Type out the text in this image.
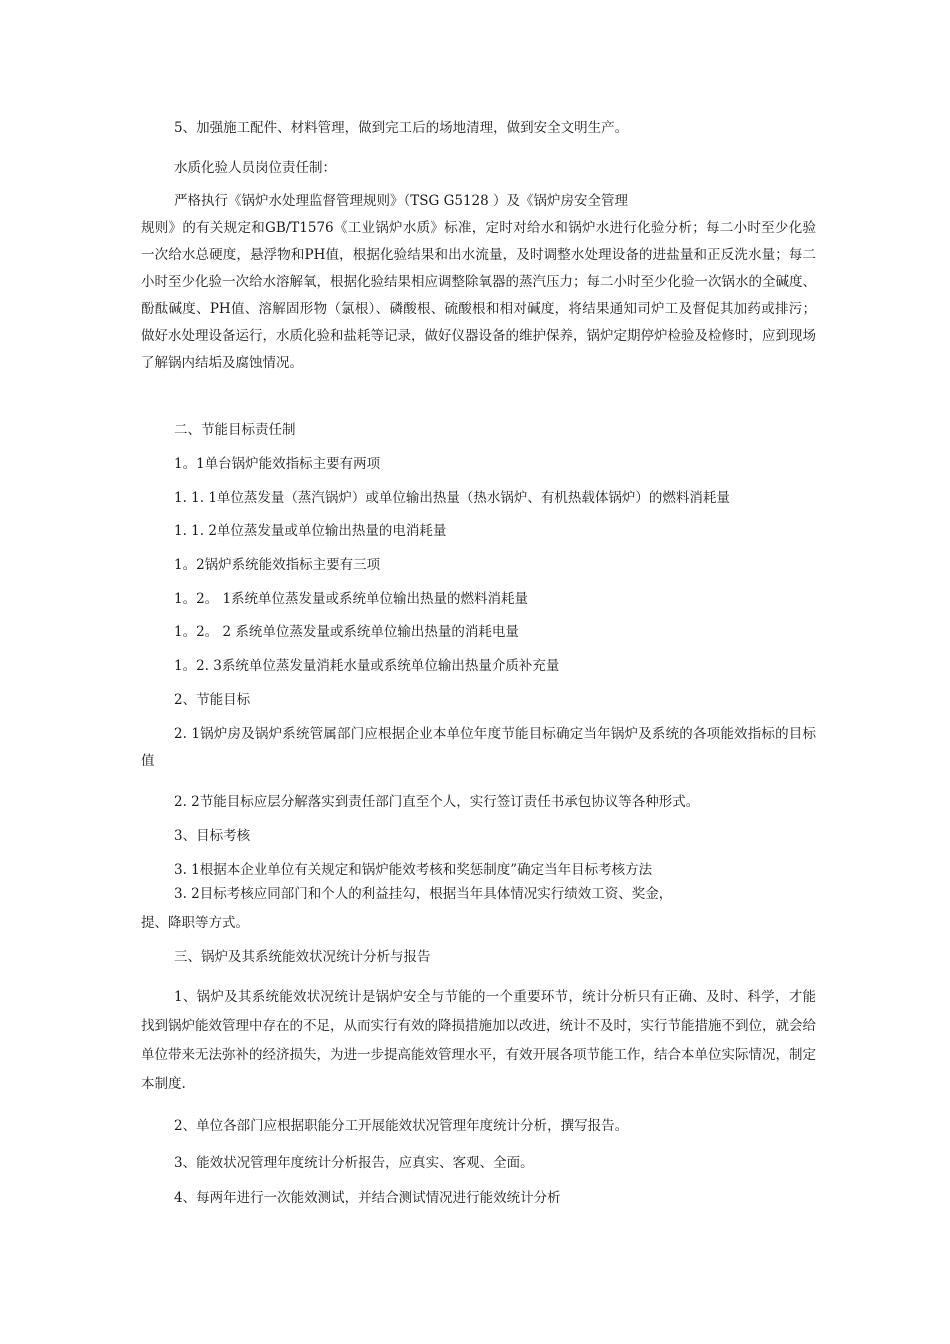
5、加强施工配件、材料管理，做到完工后的场地清理，做到安全文明生产。
水质化验人员岗位责任制：
严格执行《锅炉水处理监督管理规则》（TSG G5128 ）及《锅炉房安全管理
规则》的有关规定和GB/T1576《工业锅炉水质》标准，定时对给水和锅炉水进行化验分析；每二小时至少化验一次给水总硬度，悬浮物和PH值，根据化验结果和出水流量，及时调整水处理设备的进盐量和正反洗水量；每二小时至少化验一次给水溶解氧，根据化验结果相应调整除氧器的蒸汽压力；每二小时至少化验一次锅水的全碱度、酚酞碱度、PH值、溶解固形物（氯根）、磷酸根、硫酸根和相对碱度，将结果通知司炉工及督促其加药或排污；做好水处理设备运行，水质化验和盐耗等记录，做好仪器设备的维护保养，锅炉定期停炉检验及检修时，应到现场了解锅内结垢及腐蚀情况。
二、节能目标责任制
1。1单台锅炉能效指标主要有两项
1. 1. 1单位蒸发量（蒸汽锅炉）或单位输出热量（热水锅炉、有机热载体锅炉）的燃料消耗量
1. 1. 2单位蒸发量或单位输出热量的电消耗量
1。2锅炉系统能效指标主要有三项
1。2。 1系统单位蒸发量或系统单位输出热量的燃料消耗量
1。2。 2 系统单位蒸发量或系统单位输出热量的消耗电量
1。2. 3系统单位蒸发量消耗水量或系统单位输出热量介质补充量
2、节能目标
2. 1锅炉房及锅炉系统管属部门应根据企业本单位年度节能目标确定当年锅炉及系统的各项能效指标的目标值
2. 2节能目标应层分解落实到责任部门直至个人，实行签订责任书承包协议等各种形式。
3、目标考核
3. 1根据本企业单位有关规定和锅炉能效考核和奖惩制度”确定当年目标考核方法
3. 2目标考核应同部门和个人的利益挂勾，根据当年具体情况实行绩效工资、奖金，
提、降职等方式。
三、锅炉及其系统能效状况统计分析与报告
1、锅炉及其系统能效状况统计是锅炉安全与节能的一个重要环节，统计分析只有正确、及时、科学，才能找到锅炉能效管理中存在的不足，从而实行有效的降损措施加以改进，统计不及时，实行节能措施不到位，就会给单位带来无法弥补的经济损失，为进一步提高能效管理水平，有效开展各项节能工作，结合本单位实际情况，制定本制度.
2、单位各部门应根据职能分工开展能效状况管理年度统计分析，撰写报告。
3、能效状况管理年度统计分析报告，应真实、客观、全面。
4、每两年进行一次能效测试，并结合测试情况进行能效统计分析
